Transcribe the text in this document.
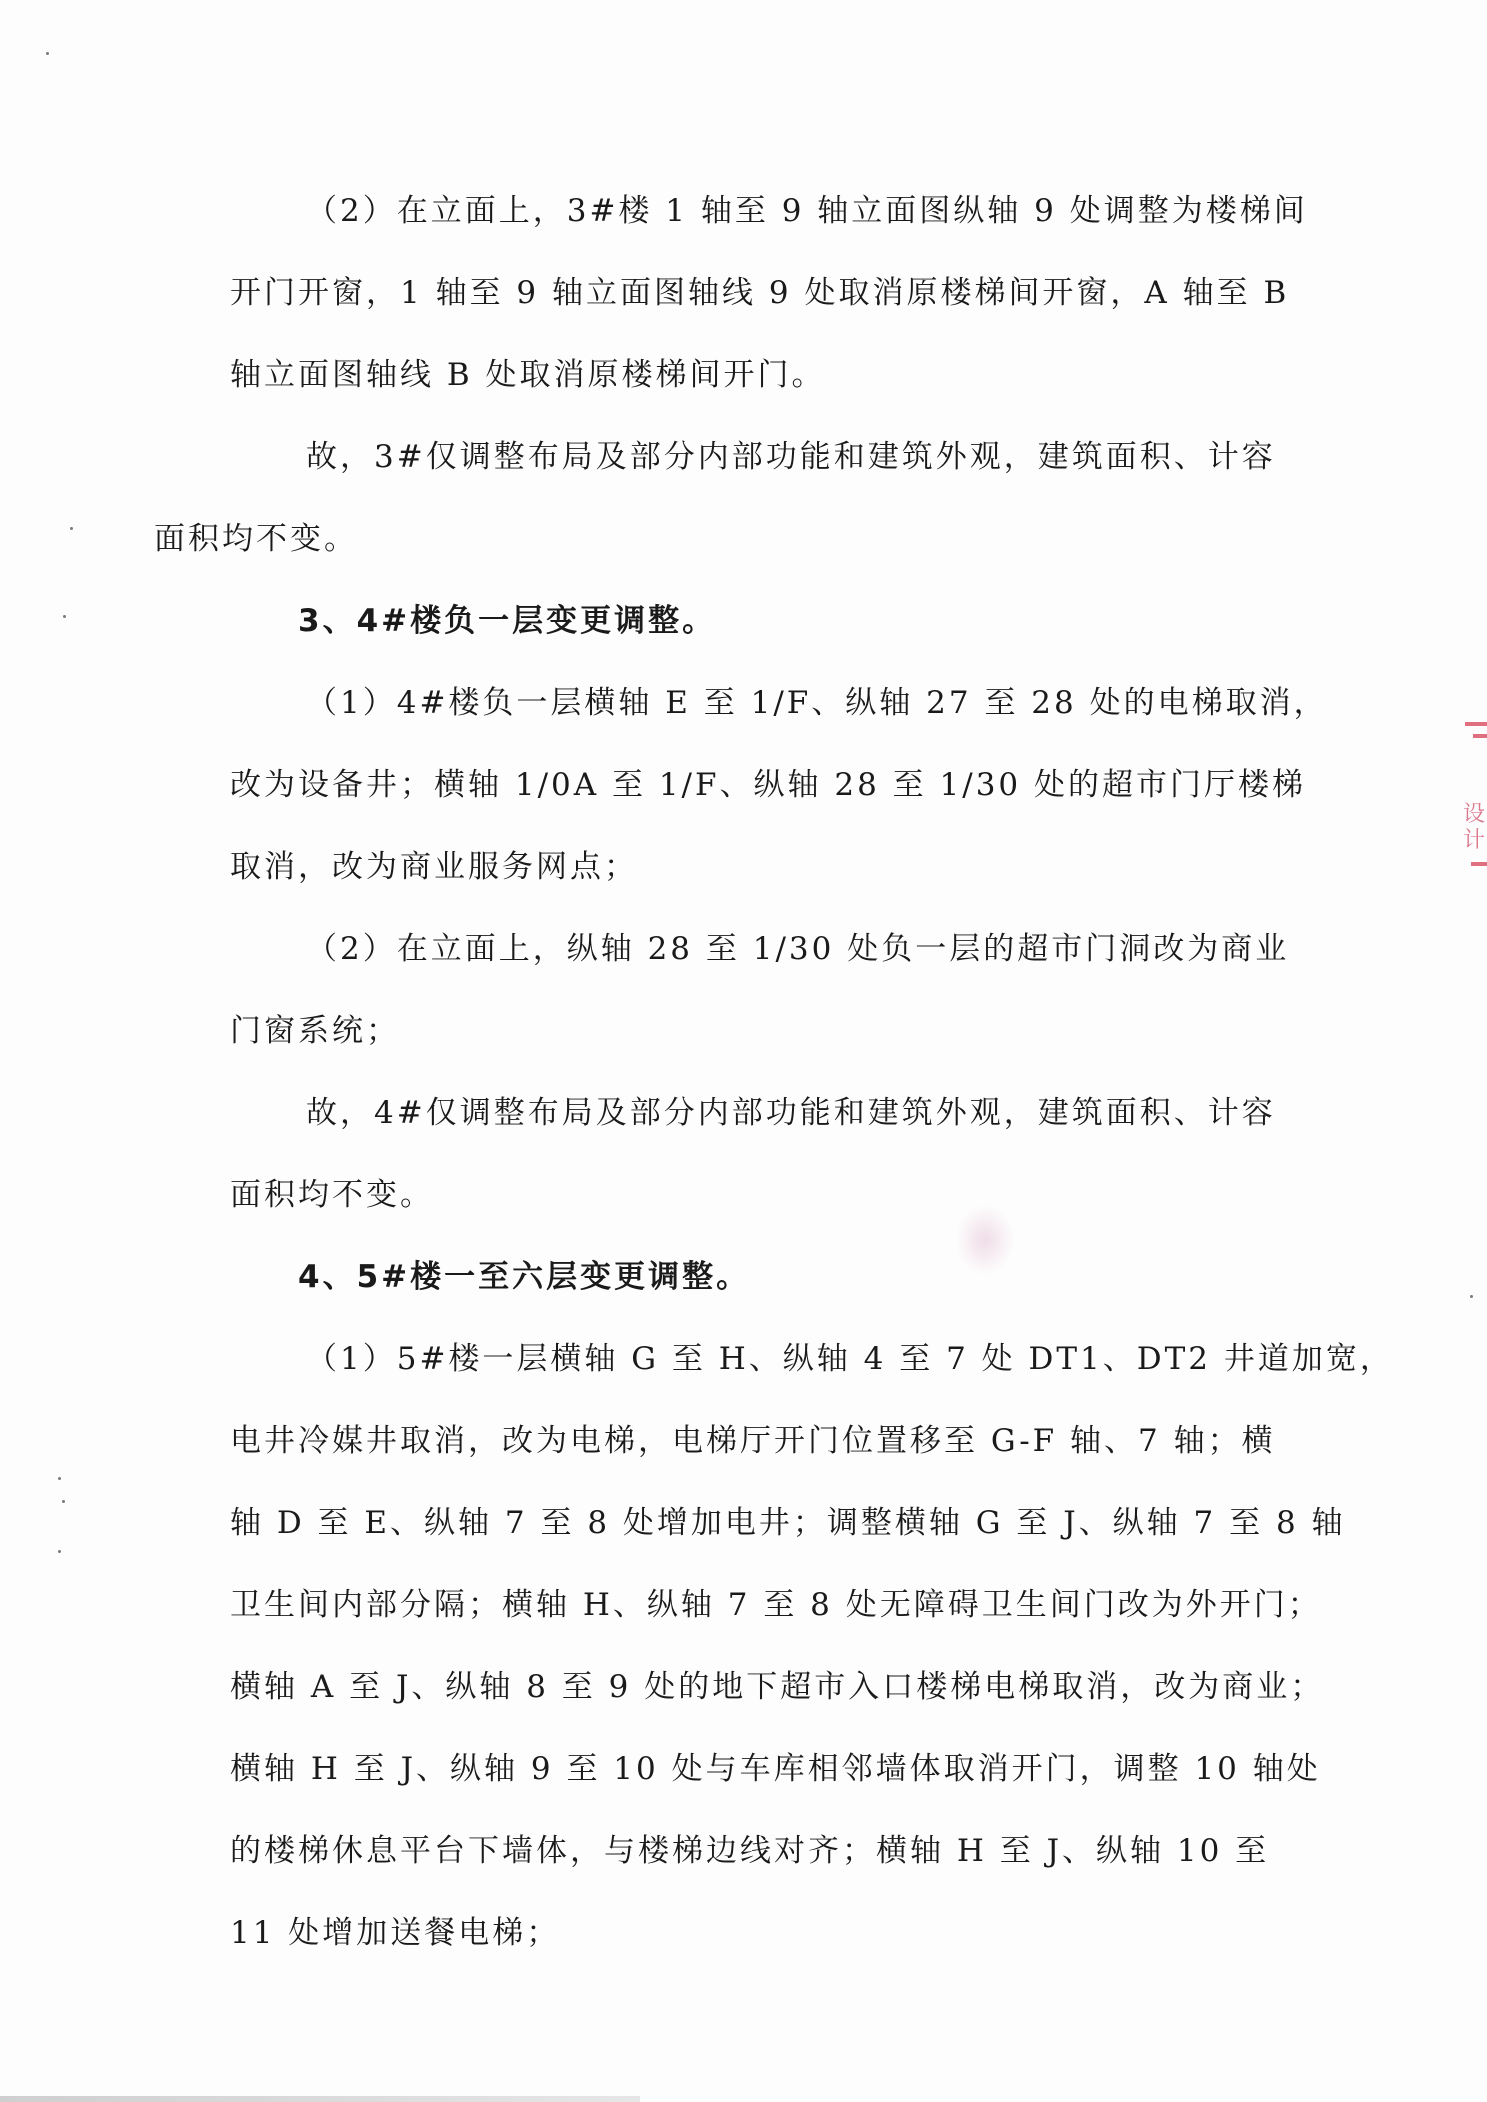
（2）在立面上，3#楼 1 轴至 9 轴立面图纵轴 9 处调整为楼梯间
开门开窗，1 轴至 9 轴立面图轴线 9 处取消原楼梯间开窗，A 轴至 B
轴立面图轴线 B 处取消原楼梯间开门。

故，3#仅调整布局及部分内部功能和建筑外观，建筑面积、计容
面积均不变。

3、4#楼负一层变更调整。

（1）4#楼负一层横轴 E 至 1/F、纵轴 27 至 28 处的电梯取消，
改为设备井；横轴 1/0A 至 1/F、纵轴 28 至 1/30 处的超市门厅楼梯
取消，改为商业服务网点；

（2）在立面上，纵轴 28 至 1/30 处负一层的超市门洞改为商业
门窗系统；

故，4#仅调整布局及部分内部功能和建筑外观，建筑面积、计容
面积均不变。

4、5#楼一至六层变更调整。

（1）5#楼一层横轴 G 至 H、纵轴 4 至 7 处 DT1、DT2 井道加宽，
电井冷媒井取消，改为电梯，电梯厅开门位置移至 G-F 轴、7 轴；横
轴 D 至 E、纵轴 7 至 8 处增加电井；调整横轴 G 至 J、纵轴 7 至 8 轴
卫生间内部分隔；横轴 H、纵轴 7 至 8 处无障碍卫生间门改为外开门；
横轴 A 至 J、纵轴 8 至 9 处的地下超市入口楼梯电梯取消，改为商业；
横轴 H 至 J、纵轴 9 至 10 处与车库相邻墙体取消开门，调整 10 轴处
的楼梯休息平台下墙体，与楼梯边线对齐；横轴 H 至 J、纵轴 10 至
11 处增加送餐电梯；

设计
